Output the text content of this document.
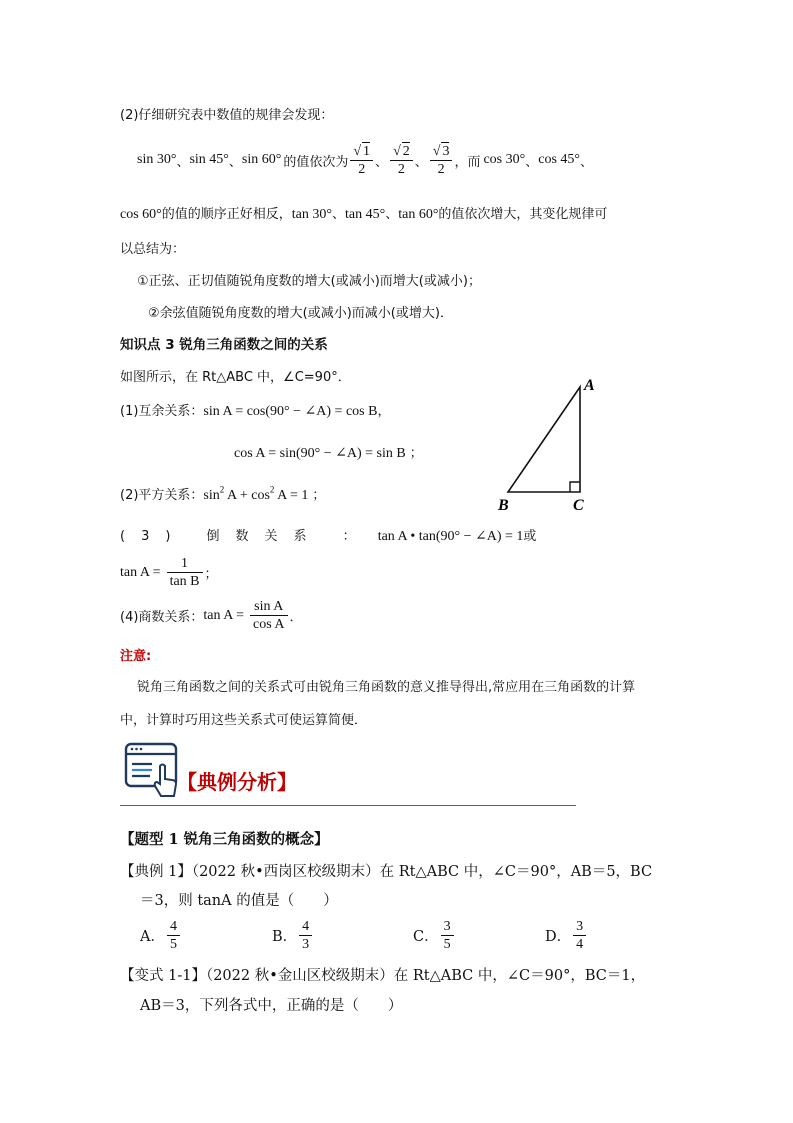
(2)仔细研究表中数值的规律会发现：
sin 30° 、 sin 45° 、 sin 60° 的值依次为 $\frac{√ 1}{2}$ 、 $\frac{√ 2}{2}$ 、 $\frac{√ 3}{2}$ ，而 cos 30° 、 cos 45° 、
cos 60°的值的顺序正好相反，tan 30°、tan 45°、tan 60°的值依次增大，其变化规律可
以总结为：
①正弦、正切值随锐角度数的增大(或减小)而增大(或减小)；
②余弦值随锐角度数的增大(或减小)而减小(或增大)．
知识点 3 锐角三角函数之间的关系
如图所示，在 Rt△ABC 中，∠C=90°．	A
B	C
(1)互余关系：sin A = cos(90° − ∠A) = cos B，
cos A = sin(90° − ∠A) = sin B ；
(2)平方关系：$\sin^2 A + \cos^2 A = 1$ ；
(3) 倒数关系 ： tan A • tan(90° − ∠A) = 1或
$\tan A = \frac{1}{\text{tan B}}$ ；
(4)商数关系： $\tan A = \frac{\text{sin A}}{\text{cos A}}$ ．
注意:
锐角三角函数之间的关系式可由锐角三角函数的意义推导得出,常应用在三角函数的计算
中，计算时巧用这些关系式可使运算简便．
【典例分析】
【题型 1 锐角三角函数的概念】
【典例 1】（2022 秋•西岗区校级期末）在 Rt△ABC 中，∠C＝90°，AB＝5，BC
＝3，则 tanA 的值是（　　）
A． $\frac{4}{5}$	B． $\frac{4}{3}$	C． $\frac{3}{5}$	D． $\frac{3}{4}$
【变式 1-1】（2022 秋•金山区校级期末）在 Rt△ABC 中，∠C＝90°，BC＝1，
AB＝3，下列各式中，正确的是（　　）
